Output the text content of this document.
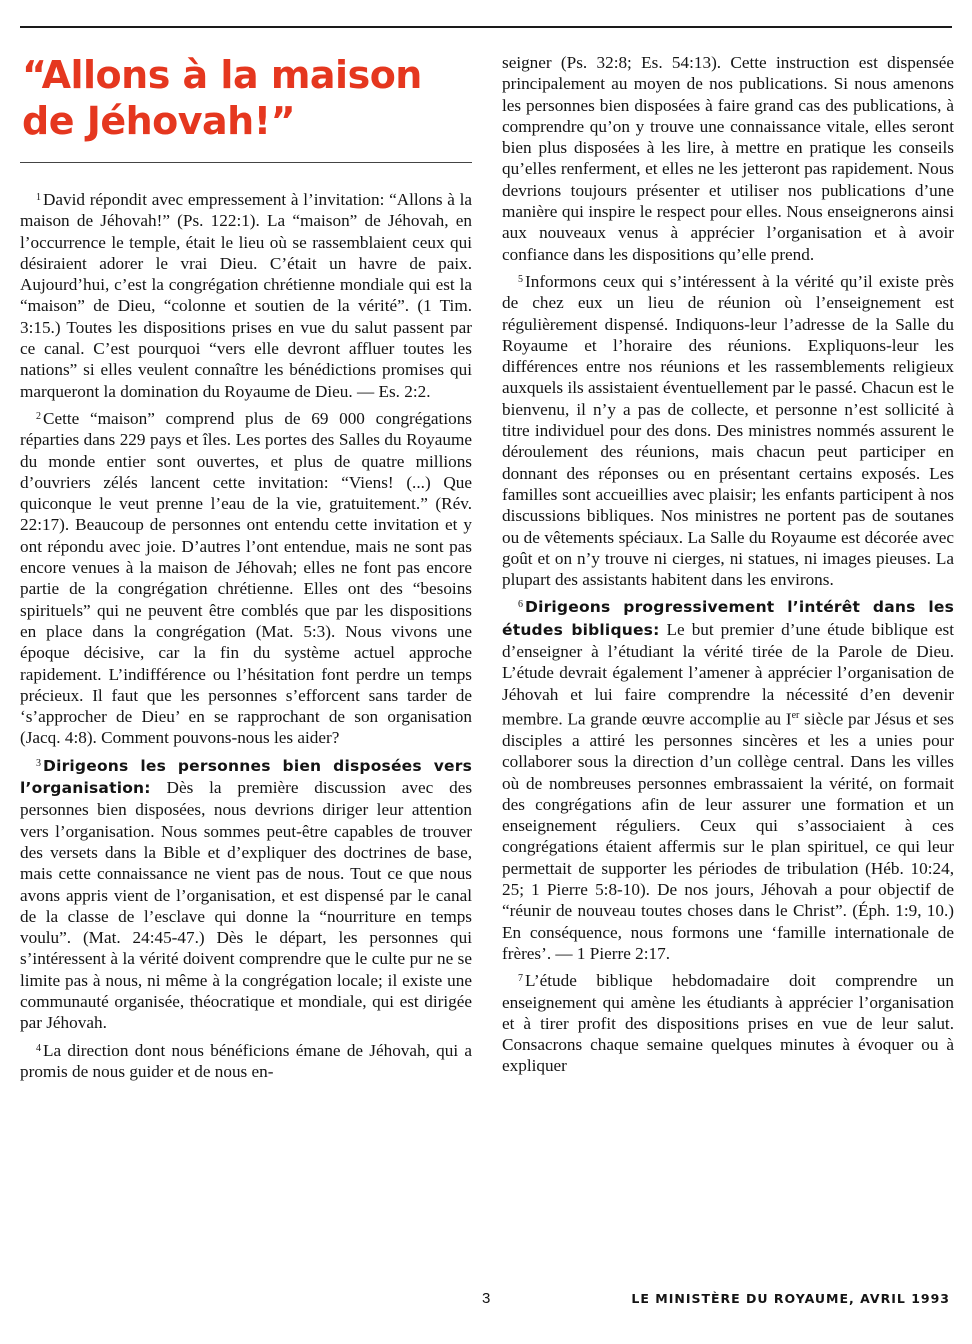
“Allons à la maison
de Jéhovah!”

$^1$ David répondit avec empressement à l’invitation: “Allons à la maison de Jéhovah!” (Ps. 122:1). La “maison” de Jéhovah, en l’occurrence le temple, était le lieu où se rassemblaient ceux qui désiraient adorer le vrai Dieu. C’était un havre de paix. Aujourd’hui, c’est la congrégation chrétienne mondiale qui est la “maison” de Dieu, “colonne et soutien de la vérité”. (1 Tim. 3:15.) Toutes les dispositions prises en vue du salut passent par ce canal. C’est pourquoi “vers elle devront affluer toutes les nations” si elles veulent connaître les bénédictions promises qui marqueront la domination du Royaume de Dieu. — Es. 2:2.

$^2$ Cette “maison” comprend plus de 69 000 congrégations réparties dans 229 pays et îles. Les portes des Salles du Royaume du monde entier sont ouvertes, et plus de quatre millions d’ouvriers zélés lancent cette invitation: “Viens! (...) Que quiconque le veut prenne l’eau de la vie, gratuitement.” (Rév. 22:17). Beaucoup de personnes ont entendu cette invitation et y ont répondu avec joie. D’autres l’ont entendue, mais ne sont pas encore venues à la maison de Jéhovah; elles ne font pas encore partie de la congrégation chrétienne. Elles ont des “besoins spirituels” qui ne peuvent être comblés que par les dispositions en place dans la congrégation (Mat. 5:3). Nous vivons une époque décisive, car la fin du système actuel approche rapidement. L’indifférence ou l’hésitation font perdre un temps précieux. Il faut que les personnes s’efforcent sans tarder de ‘s’approcher de Dieu’ en se rapprochant de son organisation (Jacq. 4:8). Comment pouvons-nous les aider?

$^3$ Dirigeons les personnes bien disposées vers l’organisation: Dès la première discussion avec des personnes bien disposées, nous devrions diriger leur attention vers l’organisation. Nous sommes peut-être capables de trouver des versets dans la Bible et d’expliquer des doctrines de base, mais cette connaissance ne vient pas de nous. Tout ce que nous avons appris vient de l’organisation, et est dispensé par le canal de la classe de l’esclave qui donne la “nourriture en temps voulu”. (Mat. 24:45-47.) Dès le départ, les personnes qui s’intéressent à la vérité doivent comprendre que le culte pur ne se limite pas à nous, ni même à la congrégation locale; il existe une communauté organisée, théocratique et mondiale, qui est dirigée par Jéhovah.

$^4$ La direction dont nous bénéficions émane de Jéhovah, qui a promis de nous guider et de nous en-

seigner (Ps. 32:8; Es. 54:13). Cette instruction est dispensée principalement au moyen de nos publications. Si nous amenons les personnes bien disposées à faire grand cas des publications, à comprendre qu’on y trouve une connaissance vitale, elles seront bien plus disposées à les lire, à mettre en pratique les conseils qu’elles renferment, et elles ne les jetteront pas rapidement. Nous devrions toujours présenter et utiliser nos publications d’une manière qui inspire le respect pour elles. Nous enseignerons ainsi aux nouveaux venus à apprécier l’organisation et à avoir confiance dans les dispositions qu’elle prend.

$^5$ Informons ceux qui s’intéressent à la vérité qu’il existe près de chez eux un lieu de réunion où l’enseignement est régulièrement dispensé. Indiquons-leur l’adresse de la Salle du Royaume et l’horaire des réunions. Expliquons-leur les différences entre nos réunions et les rassemblements religieux auxquels ils assistaient éventuellement par le passé. Chacun est le bienvenu, il n’y a pas de collecte, et personne n’est sollicité à titre individuel pour des dons. Des ministres nommés assurent le déroulement des réunions, mais chacun peut participer en donnant des réponses ou en présentant certains exposés. Les familles sont accueillies avec plaisir; les enfants participent à nos discussions bibliques. Nos ministres ne portent pas de soutanes ou de vêtements spéciaux. La Salle du Royaume est décorée avec goût et on n’y trouve ni cierges, ni statues, ni images pieuses. La plupart des assistants habitent dans les environs.

$^6$ Dirigeons progressivement l’intérêt dans les études bibliques: Le but premier d’une étude biblique est d’enseigner à l’étudiant la vérité tirée de la Parole de Dieu. L’étude devrait également l’amener à apprécier l’organisation de Jéhovah et lui faire comprendre la nécessité d’en devenir membre. La grande œuvre accomplie au Ier siècle par Jésus et ses disciples a attiré les personnes sincères et les a unies pour collaborer sous la direction d’un collège central. Dans les villes où de nombreuses personnes embrassaient la vérité, on formait des congrégations afin de leur assurer une formation et un enseignement réguliers. Ceux qui s’associaient à ces congrégations étaient affermis sur le plan spirituel, ce qui leur permettait de supporter les périodes de tribulation (Héb. 10:24, 25; 1 Pierre 5:8-10). De nos jours, Jéhovah a pour objectif de “réunir de nouveau toutes choses dans le Christ”. (Éph. 1:9, 10.) En conséquence, nous formons une ‘famille internationale de frères’. — 1 Pierre 2:17.

$^7$ L’étude biblique hebdomadaire doit comprendre un enseignement qui amène les étudiants à apprécier l’organisation et à tirer profit des dispositions prises en vue de leur salut. Consacrons chaque semaine quelques minutes à évoquer ou à expliquer

3	LE MINISTÈRE DU ROYAUME, AVRIL 1993
